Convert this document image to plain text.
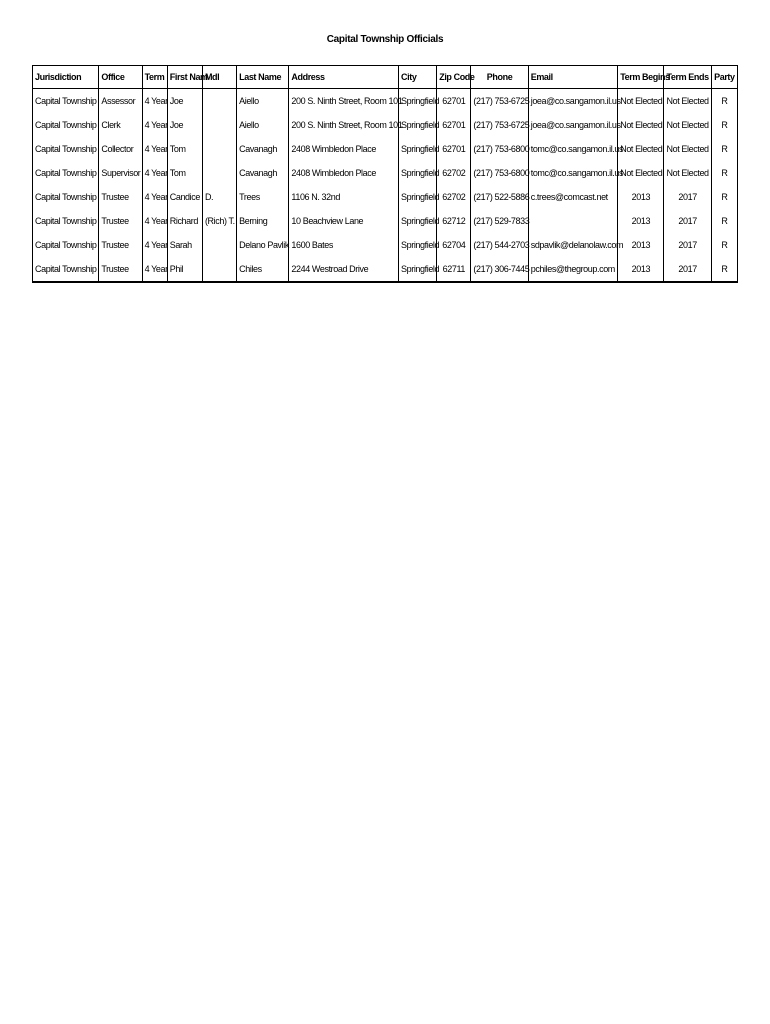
Capital Township Officials
Jurisdiction	Office	Term	First Nam	Mdl	Last Name	Address	City	Zip Code	Phone	Email	Term Begins	Term Ends	Party
Capital Township	Assessor	4 Year	Joe		Aiello	200 S. Ninth Street, Room 101	Springfield	62701	(217) 753-6725	joea@co.sangamon.il.us	Not Elected	Not Elected	R
Capital Township	Clerk	4 Year	Joe		Aiello	200 S. Ninth Street, Room 101	Springfield	62701	(217) 753-6725	joea@co.sangamon.il.us	Not Elected	Not Elected	R
Capital Township	Collector	4 Year	Tom		Cavanagh	2408 Wimbledon Place	Springfield	62701	(217) 753-6800	tomc@co.sangamon.il.us	Not Elected	Not Elected	R
Capital Township	Supervisor	4 Year	Tom		Cavanagh	2408 Wimbledon Place	Springfield	62702	(217) 753-6800	tomc@co.sangamon.il.us	Not Elected	Not Elected	R
Capital Township	Trustee	4 Year	Candice	D.	Trees	1106 N. 32nd	Springfield	62702	(217) 522-5886	c.trees@comcast.net	2013	2017	R
Capital Township	Trustee	4 Year	Richard	(Rich) T.	Berning	10 Beachview Lane	Springfield	62712	(217) 529-7833		2013	2017	R
Capital Township	Trustee	4 Year	Sarah		Delano Pavlik	1600 Bates	Springfield	62704	(217) 544-2703	sdpavlik@delanolaw.com	2013	2017	R
Capital Township	Trustee	4 Year	Phil		Chiles	2244 Westroad Drive	Springfield	62711	(217) 306-7445	pchiles@thegroup.com	2013	2017	R
